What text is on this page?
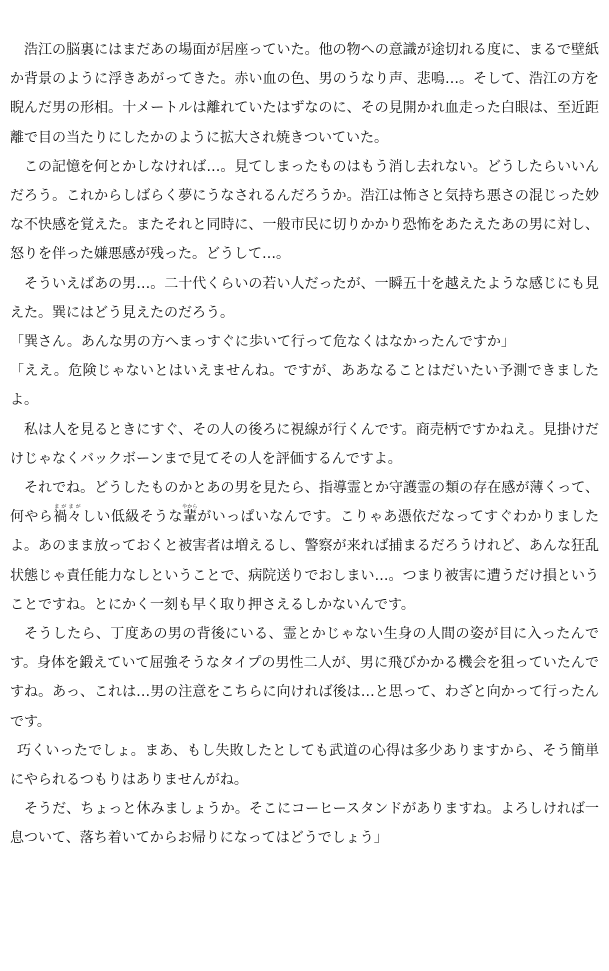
浩江の脳裏にはまだあの場面が居座っていた。他の物への意識が途切れる度に、まるで壁紙か背景のように浮きあがってきた。赤い血の色、男のうなり声、悲鳴…。そして、浩江の方を睨んだ男の形相。十メートルは離れていたはずなのに、その見開かれ血走った白眼は、至近距離で目の当たりにしたかのように拡大され焼きついていた。

この記憶を何とかしなければ…。見てしまったものはもう消し去れない。どうしたらいいんだろう。これからしばらく夢にうなされるんだろうか。浩江は怖さと気持ち悪さの混じった妙な不快感を覚えた。またそれと同時に、一般市民に切りかかり恐怖をあたえたあの男に対し、怒りを伴った嫌悪感が残った。どうして…。

そういえばあの男…。二十代くらいの若い人だったが、一瞬五十を越えたような感じにも見えた。巽にはどう見えたのだろう。

「巽さん。あんな男の方へまっすぐに歩いて行って危なくはなかったんですか」

「ええ。危険じゃないとはいえませんね。ですが、ああなることはだいたい予測できましたよ。

私は人を見るときにすぐ、その人の後ろに視線が行くんです。商売柄ですかねえ。見掛けだけじゃなくバックボーンまで見てその人を評価するんですよ。

それでね。どうしたものかとあの男を見たら、指導霊とか守護霊の類の存在感が薄くって、何やら禍々まがまがしい低級そうな輩やからがいっぱいなんです。こりゃあ憑依だなってすぐわかりましたよ。あのまま放っておくと被害者は増えるし、警察が来れば捕まるだろうけれど、あんな狂乱状態じゃ責任能力なしということで、病院送りでおしまい…。つまり被害に遭うだけ損ということですね。とにかく一刻も早く取り押さえるしかないんです。

そうしたら、丁度あの男の背後にいる、霊とかじゃない生身の人間の姿が目に入ったんです。身体を鍛えていて屈強そうなタイプの男性二人が、男に飛びかかる機会を狙っていたんですね。あっ、これは…男の注意をこちらに向ければ後は…と思って、わざと向かって行ったんです。

巧くいったでしょ。まあ、もし失敗したとしても武道の心得は多少ありますから、そう簡単にやられるつもりはありませんがね。

そうだ、ちょっと休みましょうか。そこにコーヒースタンドがありますね。よろしければ一息ついて、落ち着いてからお帰りになってはどうでしょう」
